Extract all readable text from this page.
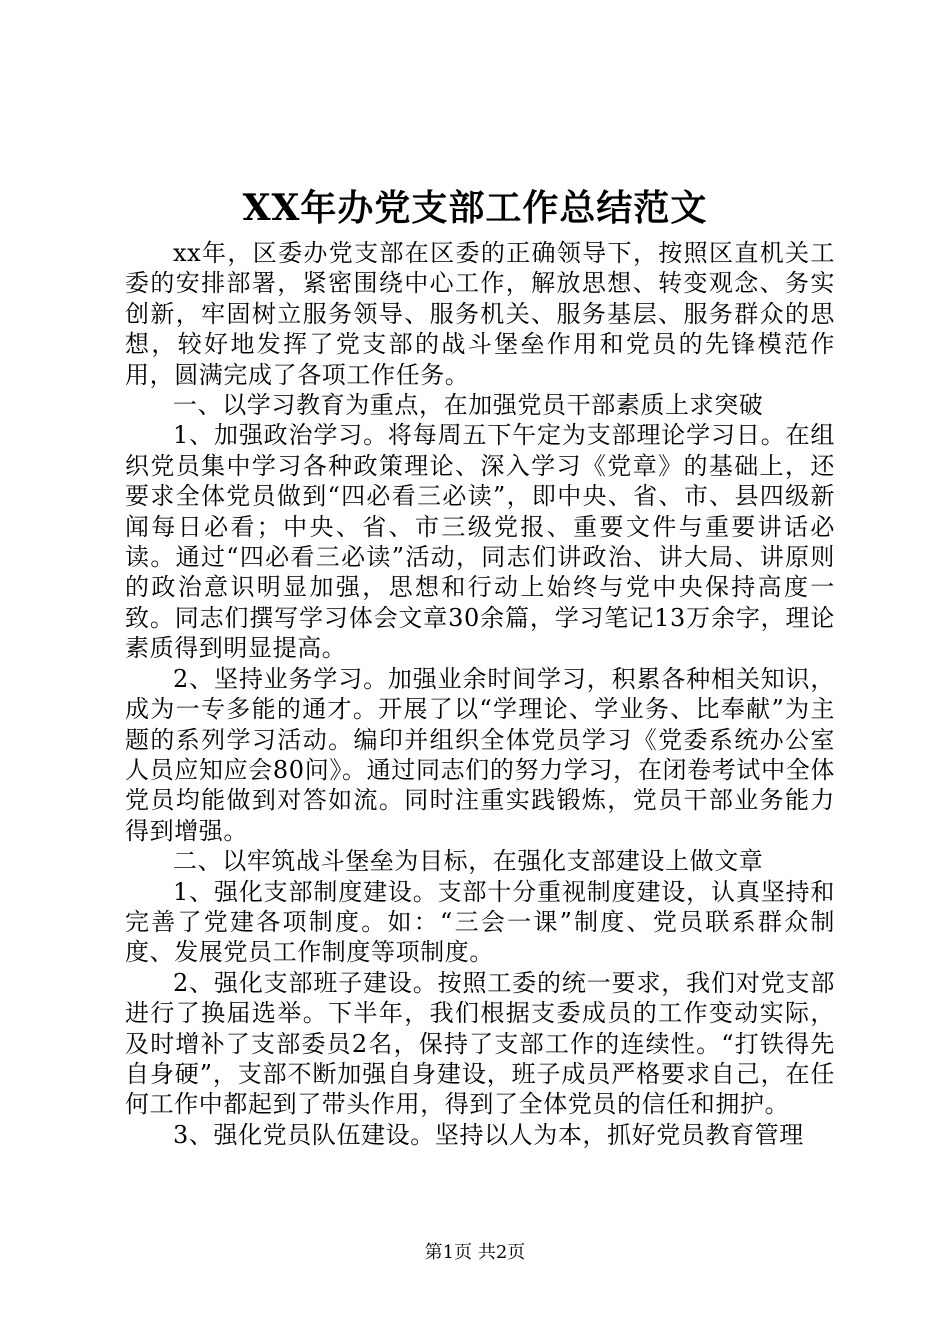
XX年办党支部工作总结范文

xx年，区委办党支部在区委的正确领导下，按照区直机关工委的安排部署，紧密围绕中心工作，解放思想、转变观念、务实创新，牢固树立服务领导、服务机关、服务基层、服务群众的思想，较好地发挥了党支部的战斗堡垒作用和党员的先锋模范作用，圆满完成了各项工作任务。

一、以学习教育为重点，在加强党员干部素质上求突破

1、加强政治学习。将每周五下午定为支部理论学习日。在组织党员集中学习各种政策理论、深入学习《党章》的基础上，还要求全体党员做到“四必看三必读”，即中央、省、市、县四级新闻每日必看；中央、省、市三级党报、重要文件与重要讲话必读。通过“四必看三必读”活动，同志们讲政治、讲大局、讲原则的政治意识明显加强，思想和行动上始终与党中央保持高度一致。同志们撰写学习体会文章30余篇，学习笔记13万余字，理论素质得到明显提高。

2、坚持业务学习。加强业余时间学习，积累各种相关知识，成为一专多能的通才。开展了以“学理论、学业务、比奉献”为主题的系列学习活动。编印并组织全体党员学习《党委系统办公室人员应知应会80问》。通过同志们的努力学习，在闭卷考试中全体党员均能做到对答如流。同时注重实践锻炼，党员干部业务能力得到增强。

二、以牢筑战斗堡垒为目标，在强化支部建设上做文章

1、强化支部制度建设。支部十分重视制度建设，认真坚持和完善了党建各项制度。如：“三会一课”制度、党员联系群众制度、发展党员工作制度等项制度。

2、强化支部班子建设。按照工委的统一要求，我们对党支部进行了换届选举。下半年，我们根据支委成员的工作变动实际，及时增补了支部委员2名，保持了支部工作的连续性。“打铁得先自身硬”，支部不断加强自身建设，班子成员严格要求自己，在任何工作中都起到了带头作用，得到了全体党员的信任和拥护。

3、强化党员队伍建设。坚持以人为本，抓好党员教育管理

第1页 共2页
